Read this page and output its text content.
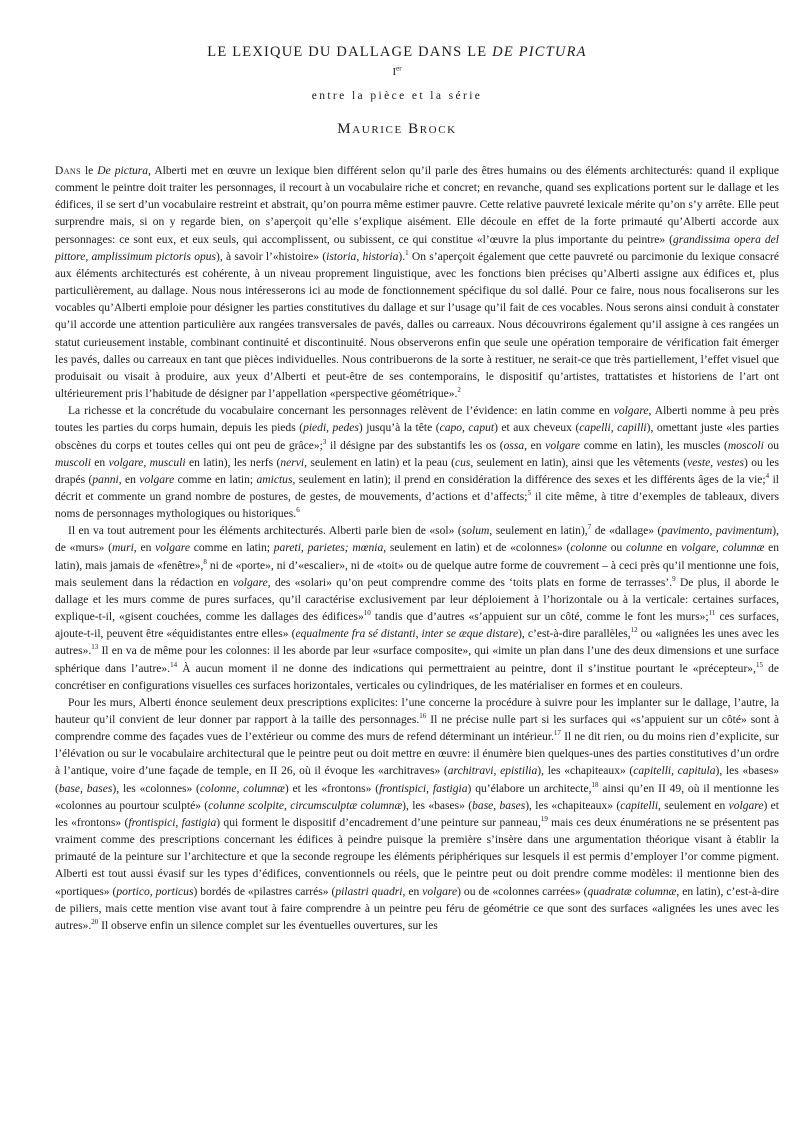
LE LEXIQUE DU DALLAGE DANS LE DE PICTURA
Ier
entre la pièce et la série
Maurice Brock

Dans le De pictura, Alberti met en œuvre un lexique bien différent selon qu’il parle des êtres humains ou des éléments architecturés: quand il explique comment le peintre doit traiter les personnages, il recourt à un vocabulaire riche et concret; en revanche, quand ses explications portent sur le dallage et les édifices, il se sert d’un vocabulaire restreint et abstrait, qu’on pourra même estimer pauvre. Cette relative pauvreté lexicale mérite qu’on s’y arrête. Elle peut surprendre mais, si on y regarde bien, on s’aperçoit qu’elle s’explique aisément. Elle découle en effet de la forte primauté qu’Alberti accorde aux personnages: ce sont eux, et eux seuls, qui accomplissent, ou subissent, ce qui constitue «l’œuvre la plus importante du peintre» (grandissima opera del pittore, amplissimum pictoris opus), à savoir l’«histoire» (istoria, historia).$^1$ On s’aperçoit également que cette pauvreté ou parcimonie du lexique consacré aux éléments architecturés est cohérente, à un niveau proprement linguistique, avec les fonctions bien précises qu’Alberti assigne aux édifices et, plus particulièrement, au dallage. Nous nous intéresserons ici au mode de fonctionnement spécifique du sol dallé. Pour ce faire, nous nous focaliserons sur les vocables qu’Alberti emploie pour désigner les parties constitutives du dallage et sur l’usage qu’il fait de ces vocables. Nous serons ainsi conduit à constater qu’il accorde une attention particulière aux rangées transversales de pavés, dalles ou carreaux. Nous découvrirons également qu’il assigne à ces rangées un statut curieusement instable, combinant continuité et discontinuité. Nous observerons enfin que seule une opération temporaire de vérification fait émerger les pavés, dalles ou carreaux en tant que pièces individuelles. Nous contribuerons de la sorte à restituer, ne serait-ce que très partiellement, l’effet visuel que produisait ou visait à produire, aux yeux d’Alberti et peut-être de ses contemporains, le dispositif qu’artistes, trattatistes et historiens de l’art ont ultérieurement pris l’habitude de désigner par l’appellation «perspective géométrique».$^2$

La richesse et la concrétude du vocabulaire concernant les personnages relèvent de l’évidence: en latin comme en volgare, Alberti nomme à peu près toutes les parties du corps humain, depuis les pieds (piedi, pedes) jusqu’à la tête (capo, caput) et aux cheveux (capelli, capilli), omettant juste «les parties obscènes du corps et toutes celles qui ont peu de grâce»;$^3$ il désigne par des substantifs les os (ossa, en volgare comme en latin), les muscles (moscoli ou muscoli en volgare, musculi en latin), les nerfs (nervi, seulement en latin) et la peau (cus, seulement en latin), ainsi que les vêtements (veste, vestes) ou les drapés (panni, en volgare comme en latin; amictus, seulement en latin); il prend en considération la différence des sexes et les différents âges de la vie;$^4$ il décrit et commente un grand nombre de postures, de gestes, de mouvements, d’actions et d’affects;$^5$ il cite même, à titre d’exemples de tableaux, divers noms de personnages mythologiques ou historiques.$^6$

Il en va tout autrement pour les éléments architecturés. Alberti parle bien de «sol» (solum, seulement en latin),$^7$ de «dallage» (pavimento, pavimentum), de «murs» (muri, en volgare comme en latin; pareti, parietes; mœnia, seulement en latin) et de «colonnes» (colonne ou colunne en volgare, columnæ en latin), mais jamais de «fenêtre»,$^8$ ni de «porte», ni d’«escalier», ni de «toit» ou de quelque autre forme de couvrement – à ceci près qu’il mentionne une fois, mais seulement dans la rédaction en volgare, des «solari» qu’on peut comprendre comme des ‘toits plats en forme de terrasses’.$^9$ De plus, il aborde le dallage et les murs comme de pures surfaces, qu’il caractérise exclusivement par leur déploiement à l’horizontale ou à la verticale: certaines surfaces, explique-t-il, «gisent couchées, comme les dallages des édifices»$^{10}$ tandis que d’autres «s’appuient sur un côté, comme le font les murs»;$^{11}$ ces surfaces, ajoute-t-il, peuvent être «équidistantes entre elles» (equalmente fra sé distanti, inter se æque distare), c’est-à-dire parallèles,$^{12}$ ou «alignées les unes avec les autres».$^{13}$ Il en va de même pour les colonnes: il les aborde par leur «surface composite», qui «imite un plan dans l’une des deux dimensions et une surface sphérique dans l’autre».$^{14}$ À aucun moment il ne donne des indications qui permettraient au peintre, dont il s’institue pourtant le «précepteur»,$^{15}$ de concrétiser en configurations visuelles ces surfaces horizontales, verticales ou cylindriques, de les matérialiser en formes et en couleurs.

Pour les murs, Alberti énonce seulement deux prescriptions explicites: l’une concerne la procédure à suivre pour les implanter sur le dallage, l’autre, la hauteur qu’il convient de leur donner par rapport à la taille des personnages.$^{16}$ Il ne précise nulle part si les surfaces qui «s’appuient sur un côté» sont à comprendre comme des façades vues de l’extérieur ou comme des murs de refend déterminant un intérieur.$^{17}$ Il ne dit rien, ou du moins rien d’explicite, sur l’élévation ou sur le vocabulaire architectural que le peintre peut ou doit mettre en œuvre: il énumère bien quelques-unes des parties constitutives d’un ordre à l’antique, voire d’une façade de temple, en II 26, où il évoque les «architraves» (architravi, epistilia), les «chapiteaux» (capitelli, capitula), les «bases» (base, bases), les «colonnes» (colonne, columnæ) et les «frontons» (frontispici, fastigia) qu’élabore un architecte,$^{18}$ ainsi qu’en II 49, où il mentionne les «colonnes au pourtour sculpté» (colunne scolpite, circumsculptæ columnæ), les «bases» (base, bases), les «chapiteaux» (capitelli, seulement en volgare) et les «frontons» (frontispici, fastigia) qui forment le dispositif d’encadrement d’une peinture sur panneau,$^{19}$ mais ces deux énumérations ne se présentent pas vraiment comme des prescriptions concernant les édifices à peindre puisque la première s’insère dans une argumentation théorique visant à établir la primauté de la peinture sur l’architecture et que la seconde regroupe les éléments périphériques sur lesquels il est permis d’employer l’or comme pigment. Alberti est tout aussi évasif sur les types d’édifices, conventionnels ou réels, que le peintre peut ou doit prendre comme modèles: il mentionne bien des «portiques» (portico, porticus) bordés de «pilastres carrés» (pilastri quadri, en volgare) ou de «colonnes carrées» (quadratæ columnæ, en latin), c’est-à-dire de piliers, mais cette mention vise avant tout à faire comprendre à un peintre peu féru de géométrie ce que sont des surfaces «alignées les unes avec les autres».$^{20}$ Il observe enfin un silence complet sur les éventuelles ouvertures, sur les
